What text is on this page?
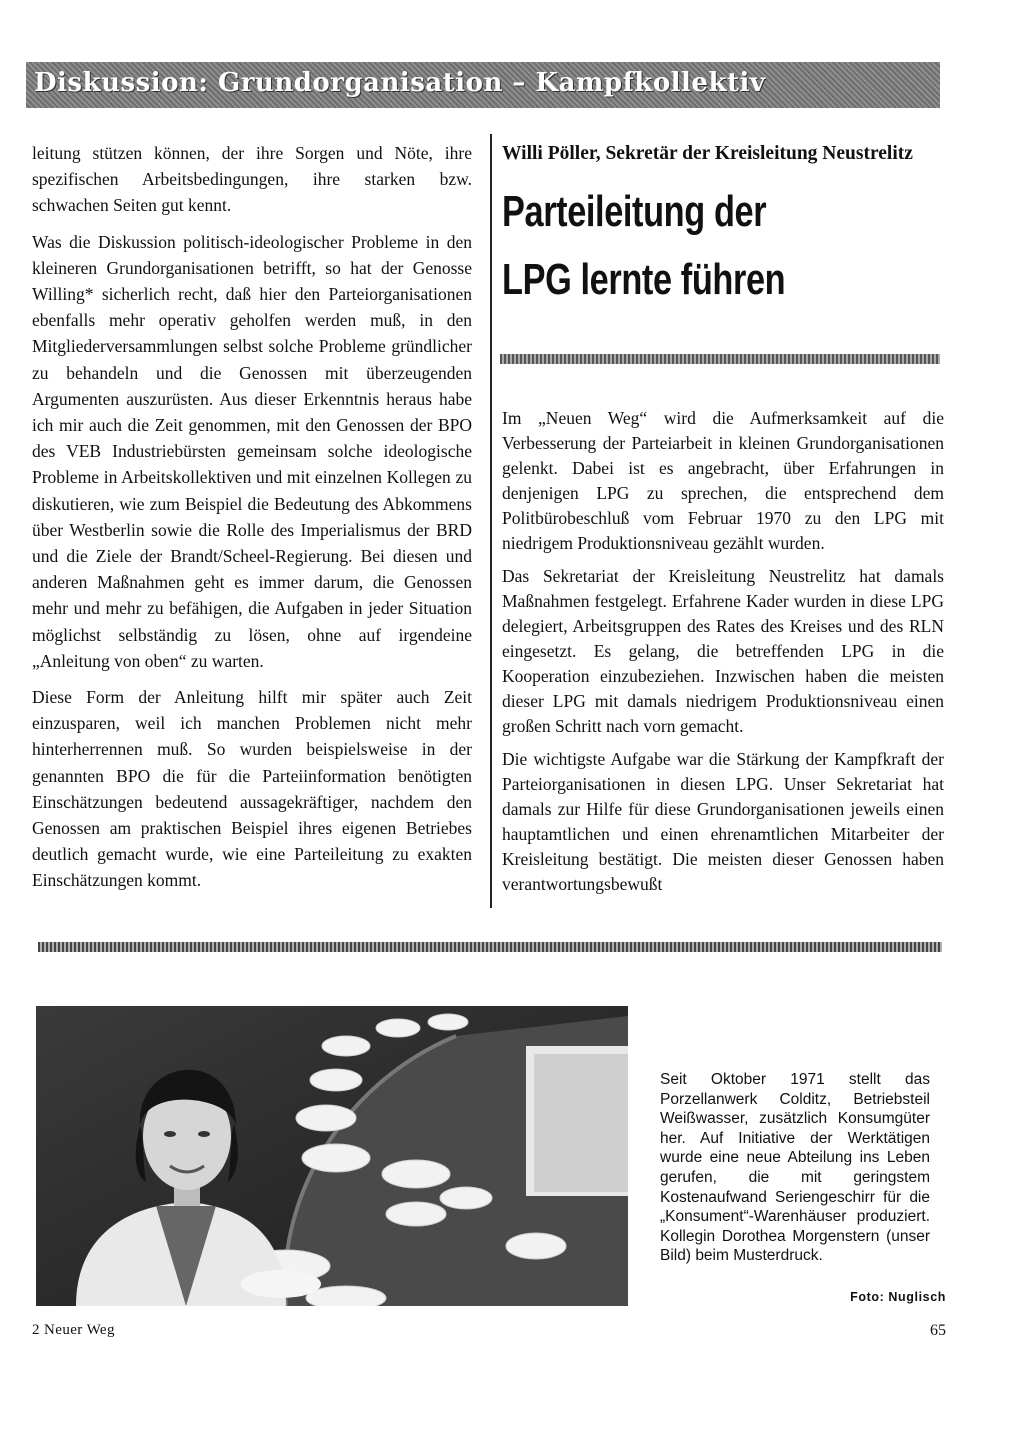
Diskussion: Grundorganisation – Kampfkollektiv

leitung stützen können, der ihre Sorgen und Nöte, ihre spezifischen Arbeitsbedingungen, ihre starken bzw. schwachen Seiten gut kennt.

Was die Diskussion politisch-ideologischer Probleme in den kleineren Grundorganisationen betrifft, so hat der Genosse Willing* sicherlich recht, daß hier den Parteiorganisationen ebenfalls mehr operativ geholfen werden muß, in den Mitgliederversammlungen selbst solche Probleme gründlicher zu behandeln und die Genossen mit überzeugenden Argumenten auszurüsten. Aus dieser Erkenntnis heraus habe ich mir auch die Zeit genommen, mit den Genossen der BPO des VEB Industriebürsten gemeinsam solche ideologische Probleme in Arbeitskollektiven und mit einzelnen Kollegen zu diskutieren, wie zum Beispiel die Bedeutung des Abkommens über Westberlin sowie die Rolle des Imperialismus der BRD und die Ziele der Brandt/Scheel-Regierung. Bei diesen und anderen Maßnahmen geht es immer darum, die Genossen mehr und mehr zu befähigen, die Aufgaben in jeder Situation möglichst selbständig zu lösen, ohne auf irgendeine „Anleitung von oben“ zu warten.

Diese Form der Anleitung hilft mir später auch Zeit einzusparen, weil ich manchen Problemen nicht mehr hinterherrennen muß. So wurden beispielsweise in der genannten BPO die für die Parteiinformation benötigten Einschätzungen bedeutend aussagekräftiger, nachdem den Genossen am praktischen Beispiel ihres eigenen Betriebes deutlich gemacht wurde, wie eine Parteileitung zu exakten Einschätzungen kommt.

Willi Pöller, Sekretär der Kreisleitung Neustrelitz
Parteileitung der
LPG lernte führen

Im „Neuen Weg“ wird die Aufmerksamkeit auf die Verbesserung der Parteiarbeit in kleinen Grundorganisationen gelenkt. Dabei ist es angebracht, über Erfahrungen in denjenigen LPG zu sprechen, die entsprechend dem Politbürobeschluß vom Februar 1970 zu den LPG mit niedrigem Produktionsniveau gezählt wurden.

Das Sekretariat der Kreisleitung Neustrelitz hat damals Maßnahmen festgelegt. Erfahrene Kader wurden in diese LPG delegiert, Arbeitsgruppen des Rates des Kreises und des RLN eingesetzt. Es gelang, die betreffenden LPG in die Kooperation einzubeziehen. Inzwischen haben die meisten dieser LPG mit damals niedrigem Produktionsniveau einen großen Schritt nach vorn gemacht.

Die wichtigste Aufgabe war die Stärkung der Kampfkraft der Parteiorganisationen in diesen LPG. Unser Sekretariat hat damals zur Hilfe für diese Grundorganisationen jeweils einen hauptamtlichen und einen ehrenamtlichen Mitarbeiter der Kreisleitung bestätigt. Die meisten dieser Genossen haben verantwortungsbewußt

Seit Oktober 1971 stellt das Porzellanwerk Colditz, Betriebsteil Weißwasser, zusätzlich Konsumgüter her. Auf Initiative der Werktätigen wurde eine neue Abteilung ins Leben gerufen, die mit geringstem Kostenaufwand Seriengeschirr für die „Konsument“-Warenhäuser produziert. Kollegin Dorothea Morgenstern (unser Bild) beim Musterdruck.
Foto: Nuglisch
2 Neuer Weg	65
